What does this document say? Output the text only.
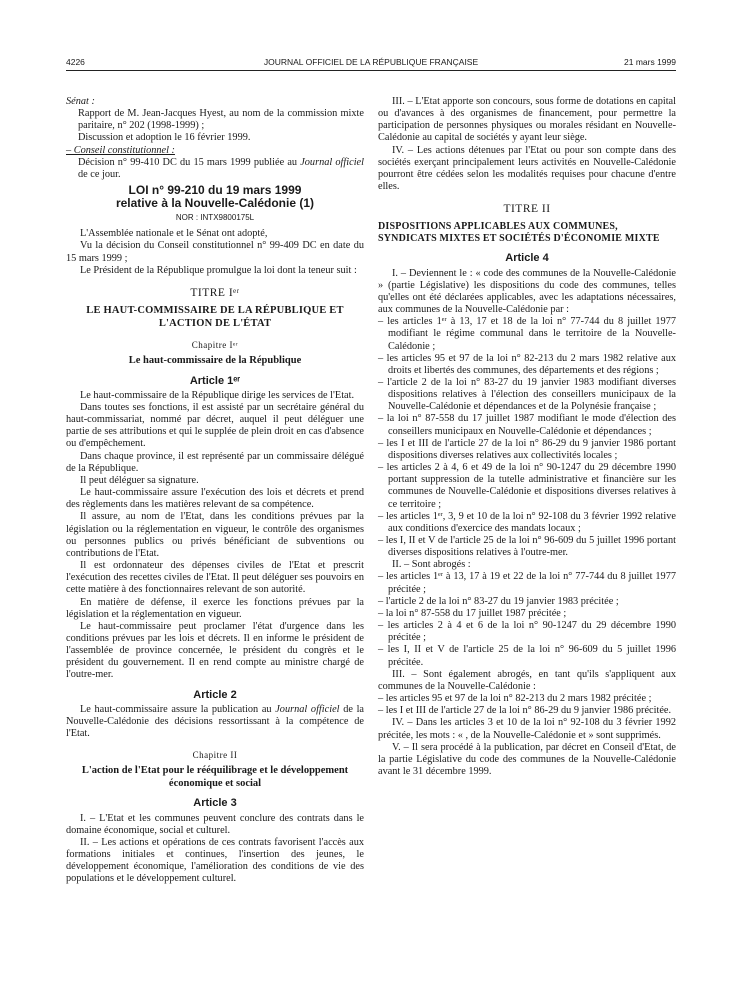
4226	JOURNAL OFFICIEL DE LA RÉPUBLIQUE FRANÇAISE	21 mars 1999

Sénat :

Rapport de M. Jean-Jacques Hyest, au nom de la commission mixte paritaire, n° 202 (1998-1999) ;

Discussion et adoption le 16 février 1999.

– Conseil constitutionnel :

Décision n° 99-410 DC du 15 mars 1999 publiée au Journal officiel de ce jour.

LOI n° 99-210 du 19 mars 1999

relative à la Nouvelle-Calédonie (1)

NOR : INTX9800175L

L'Assemblée nationale et le Sénat ont adopté,

Vu la décision du Conseil constitutionnel n° 99-409 DC en date du 15 mars 1999 ;

Le Président de la République promulgue la loi dont la teneur suit :

TITRE Iᵉʳ

LE HAUT-COMMISSAIRE DE LA RÉPUBLIQUE ET L'ACTION DE L'ÉTAT

Chapitre Iᵉʳ

Le haut-commissaire de la République

Article 1ᵉʳ

Le haut-commissaire de la République dirige les services de l'Etat.

Dans toutes ses fonctions, il est assisté par un secrétaire général du haut-commissariat, nommé par décret, auquel il peut déléguer une partie de ses attributions et qui le supplée de plein droit en cas d'absence ou d'empêchement.

Dans chaque province, il est représenté par un commissaire délégué de la République.

Il peut déléguer sa signature.

Le haut-commissaire assure l'exécution des lois et décrets et prend des règlements dans les matières relevant de sa compétence.

Il assure, au nom de l'Etat, dans les conditions prévues par la législation ou la réglementation en vigueur, le contrôle des organismes ou personnes publics ou privés bénéficiant de subventions ou contributions de l'Etat.

Il est ordonnateur des dépenses civiles de l'Etat et prescrit l'exécution des recettes civiles de l'Etat. Il peut déléguer ses pouvoirs en cette matière à des fonctionnaires relevant de son autorité.

En matière de défense, il exerce les fonctions prévues par la législation et la réglementation en vigueur.

Le haut-commissaire peut proclamer l'état d'urgence dans les conditions prévues par les lois et décrets. Il en informe le président de l'assemblée de province concernée, le président du congrès et le président du gouvernement. Il en rend compte au ministre chargé de l'outre-mer.

Article 2

Le haut-commissaire assure la publication au Journal officiel de la Nouvelle-Calédonie des décisions ressortissant à la compétence de l'Etat.

Chapitre II

L'action de l'Etat pour le rééquilibrage et le développement économique et social

Article 3

I. – L'Etat et les communes peuvent conclure des contrats dans le domaine économique, social et culturel.

II. – Les actions et opérations de ces contrats favorisent l'accès aux formations initiales et continues, l'insertion des jeunes, le développement économique, l'amélioration des conditions de vie des populations et le développement culturel.

III. – L'Etat apporte son concours, sous forme de dotations en capital ou d'avances à des organismes de financement, pour permettre la participation de personnes physiques ou morales résidant en Nouvelle-Calédonie au capital de sociétés y ayant leur siège.

IV. – Les actions détenues par l'Etat ou pour son compte dans des sociétés exerçant principalement leurs activités en Nouvelle-Calédonie pourront être cédées selon les modalités requises pour chacune d'entre elles.

TITRE II

DISPOSITIONS APPLICABLES AUX COMMUNES, SYNDICATS MIXTES ET SOCIÉTÉS D'ÉCONOMIE MIXTE

Article 4

I. – Deviennent le : « code des communes de la Nouvelle-Calédonie » (partie Législative) les dispositions du code des communes, telles qu'elles ont été déclarées applicables, avec les adaptations nécessaires, aux communes de la Nouvelle-Calédonie par :

– les articles 1ᵉʳ à 13, 17 et 18 de la loi n° 77-744 du 8 juillet 1977 modifiant le régime communal dans le territoire de la Nouvelle-Calédonie ;

– les articles 95 et 97 de la loi n° 82-213 du 2 mars 1982 relative aux droits et libertés des communes, des départements et des régions ;

– l'article 2 de la loi n° 83-27 du 19 janvier 1983 modifiant diverses dispositions relatives à l'élection des conseillers municipaux de la Nouvelle-Calédonie et dépendances et de la Polynésie française ;

– la loi n° 87-558 du 17 juillet 1987 modifiant le mode d'élection des conseillers municipaux en Nouvelle-Calédonie et dépendances ;

– les I et III de l'article 27 de la loi n° 86-29 du 9 janvier 1986 portant dispositions diverses relatives aux collectivités locales ;

– les articles 2 à 4, 6 et 49 de la loi n° 90-1247 du 29 décembre 1990 portant suppression de la tutelle administrative et financière sur les communes de Nouvelle-Calédonie et dispositions diverses relatives à ce territoire ;

– les articles 1ᵉʳ, 3, 9 et 10 de la loi n° 92-108 du 3 février 1992 relative aux conditions d'exercice des mandats locaux ;

– les I, II et V de l'article 25 de la loi n° 96-609 du 5 juillet 1996 portant diverses dispositions relatives à l'outre-mer.

II. – Sont abrogés :

– les articles 1ᵉʳ à 13, 17 à 19 et 22 de la loi n° 77-744 du 8 juillet 1977 précitée ;

– l'article 2 de la loi n° 83-27 du 19 janvier 1983 précitée ;

– la loi n° 87-558 du 17 juillet 1987 précitée ;

– les articles 2 à 4 et 6 de la loi n° 90-1247 du 29 décembre 1990 précitée ;

– les I, II et V de l'article 25 de la loi n° 96-609 du 5 juillet 1996 précitée.

III. – Sont également abrogés, en tant qu'ils s'appliquent aux communes de la Nouvelle-Calédonie :

– les articles 95 et 97 de la loi n° 82-213 du 2 mars 1982 précitée ;

– les I et III de l'article 27 de la loi n° 86-29 du 9 janvier 1986 précitée.

IV. – Dans les articles 3 et 10 de la loi n° 92-108 du 3 février 1992 précitée, les mots : « , de la Nouvelle-Calédonie et » sont supprimés.

V. – Il sera procédé à la publication, par décret en Conseil d'Etat, de la partie Législative du code des communes de la Nouvelle-Calédonie avant le 31 décembre 1999.
